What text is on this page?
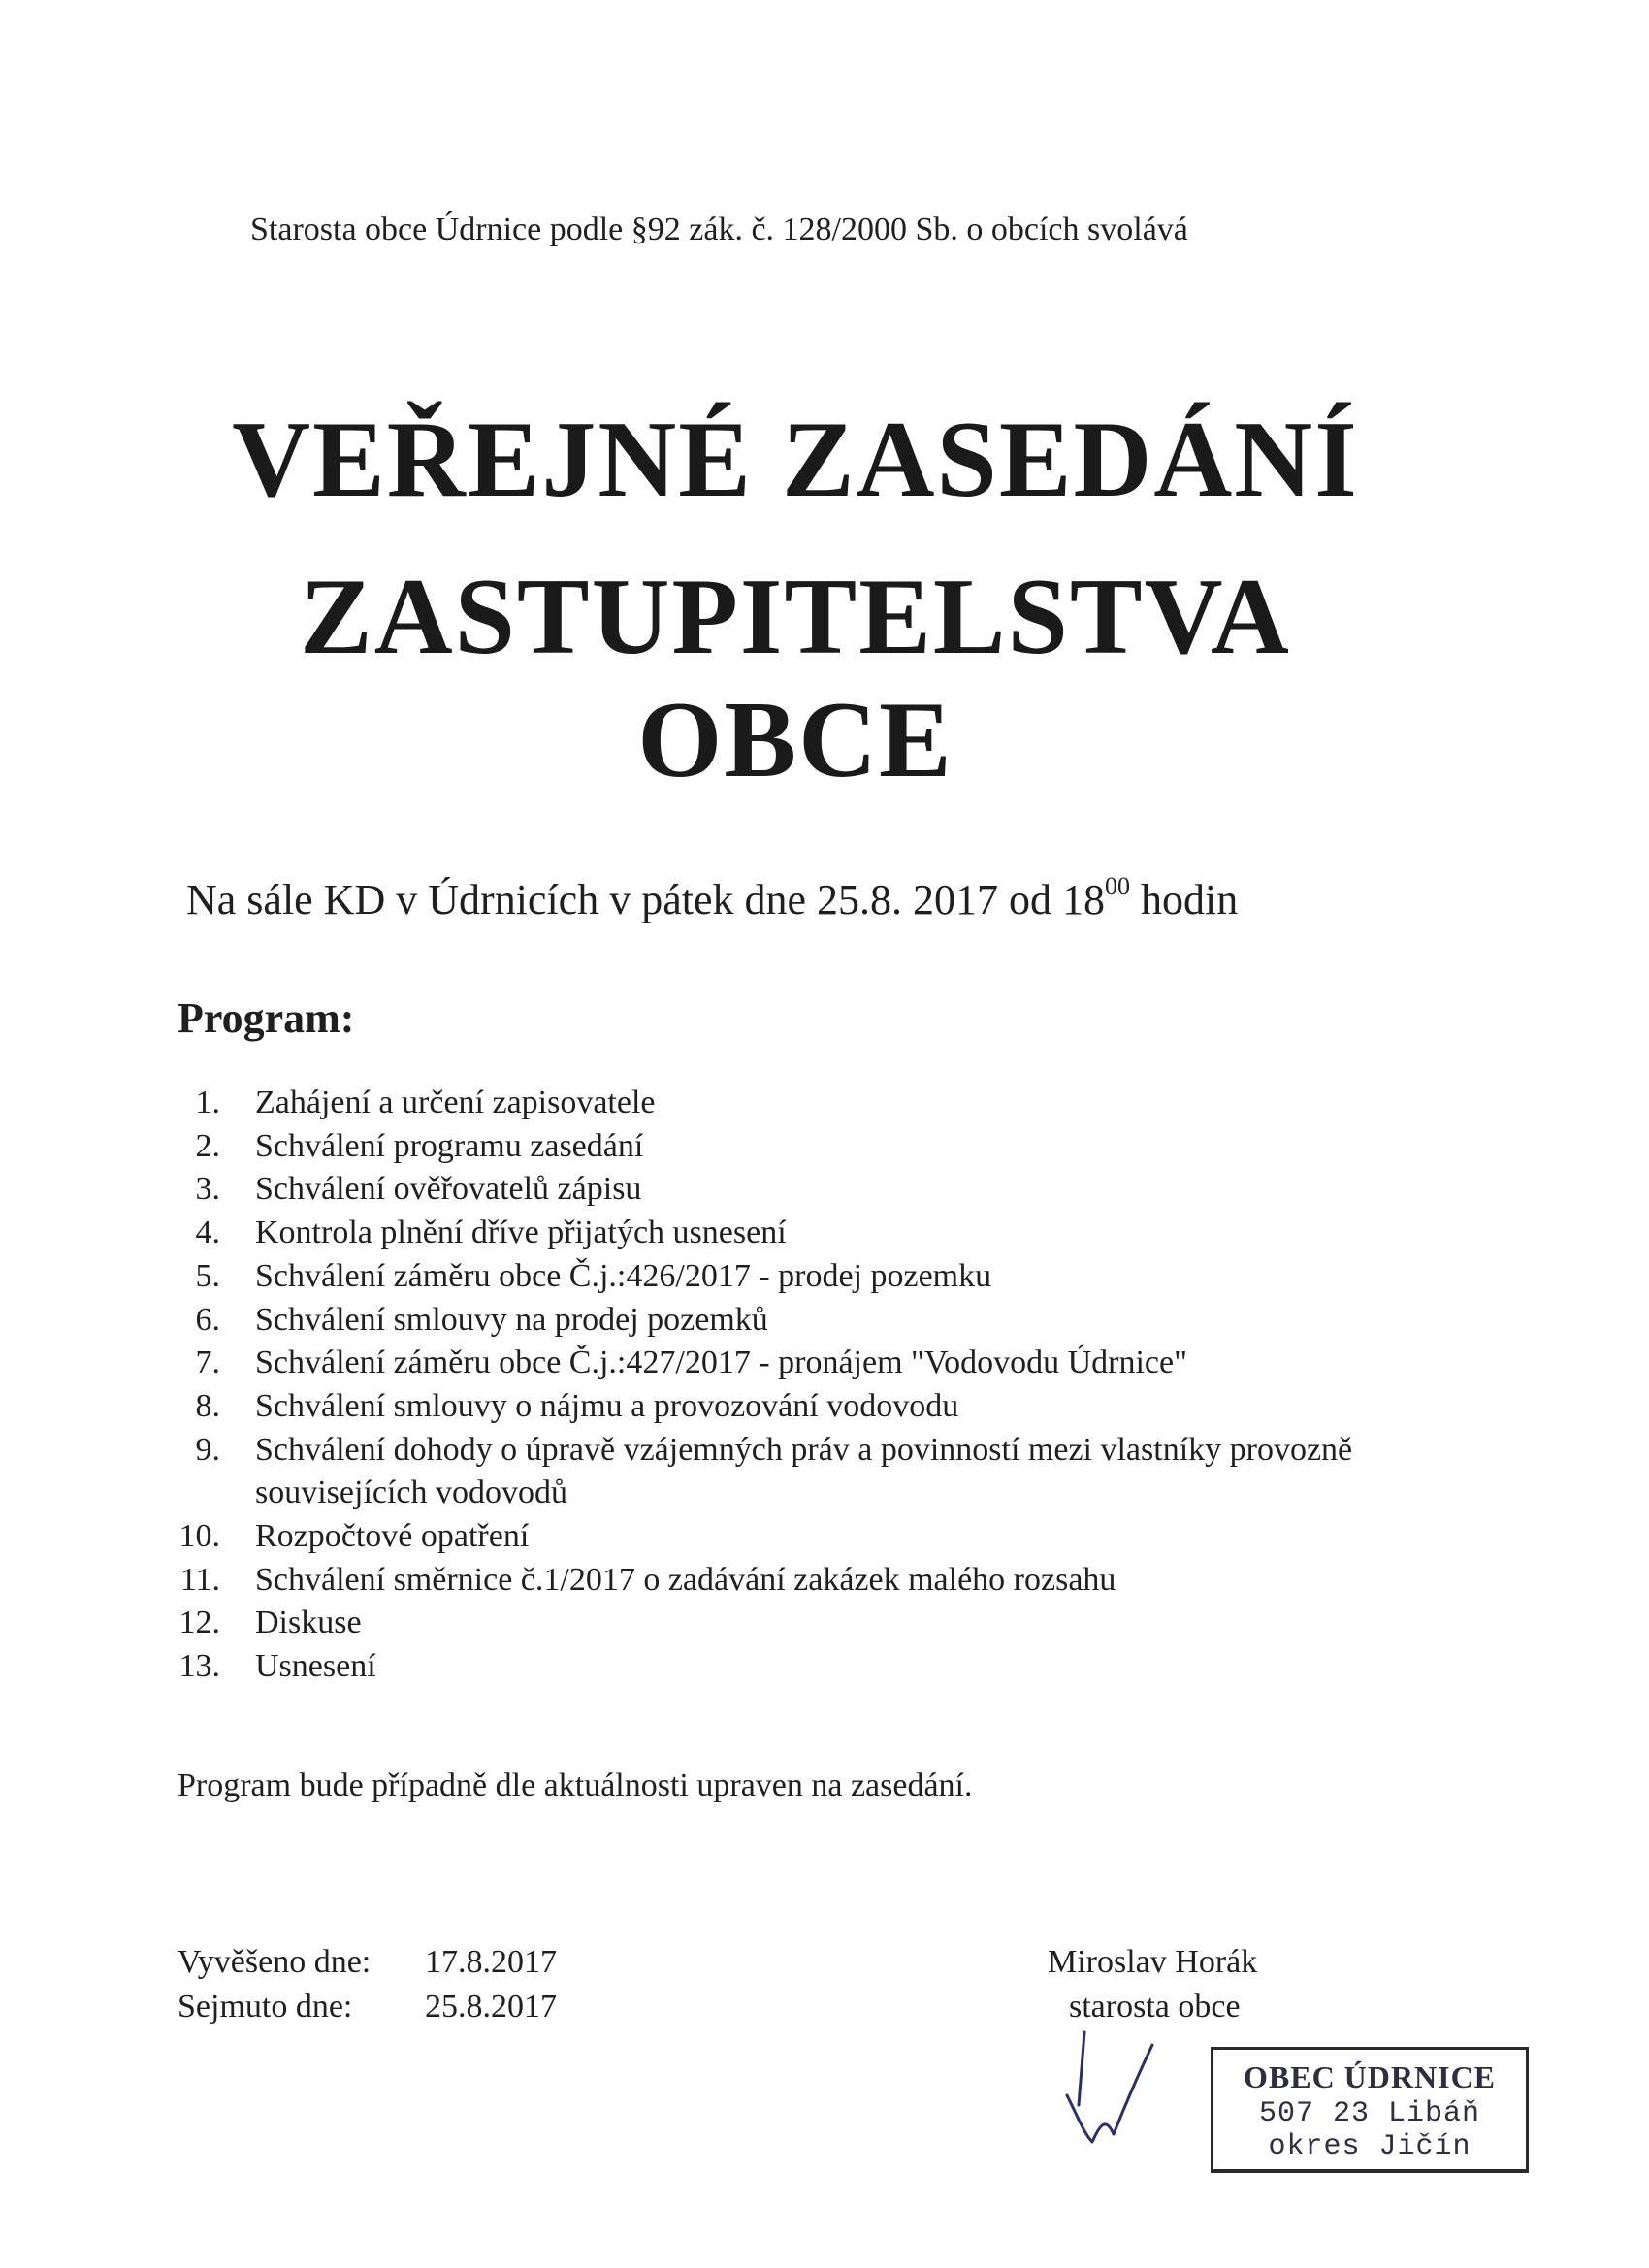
Starosta obce Údrnice podle §92 zák. č. 128/2000 Sb. o obcích svolává
VEŘEJNÉ ZASEDÁNÍ
ZASTUPITELSTVA
OBCE
Na sále KD v Údrnicích v pátek dne 25.8. 2017 od $18^{00}$ hodin
Program:
1.	Zahájení a určení zapisovatele
2.	Schválení programu zasedání
3.	Schválení ověřovatelů zápisu
4.	Kontrola plnění dříve přijatých usnesení
5.	Schválení záměru obce Č.j.:426/2017 - prodej pozemku
6.	Schválení smlouvy na prodej pozemků
7.	Schválení záměru obce Č.j.:427/2017 - pronájem "Vodovodu Údrnice"
8.	Schválení smlouvy o nájmu a provozování vodovodu
9.	Schválení dohody o úpravě vzájemných práv a povinností mezi vlastníky provozně souvisejících vodovodů
10.	Rozpočtové opatření
11.	Schválení směrnice č.1/2017 o zadávání zakázek malého rozsahu
12.	Diskuse
13.	Usnesení
Program bude případně dle aktuálnosti upraven na zasedání.
Vyvěšeno dne:	17.8.2017
Sejmuto dne:	25.8.2017
Miroslav Horák
starosta obce
OBEC ÚDRNICE
507 23 Libáň
okres Jičín
